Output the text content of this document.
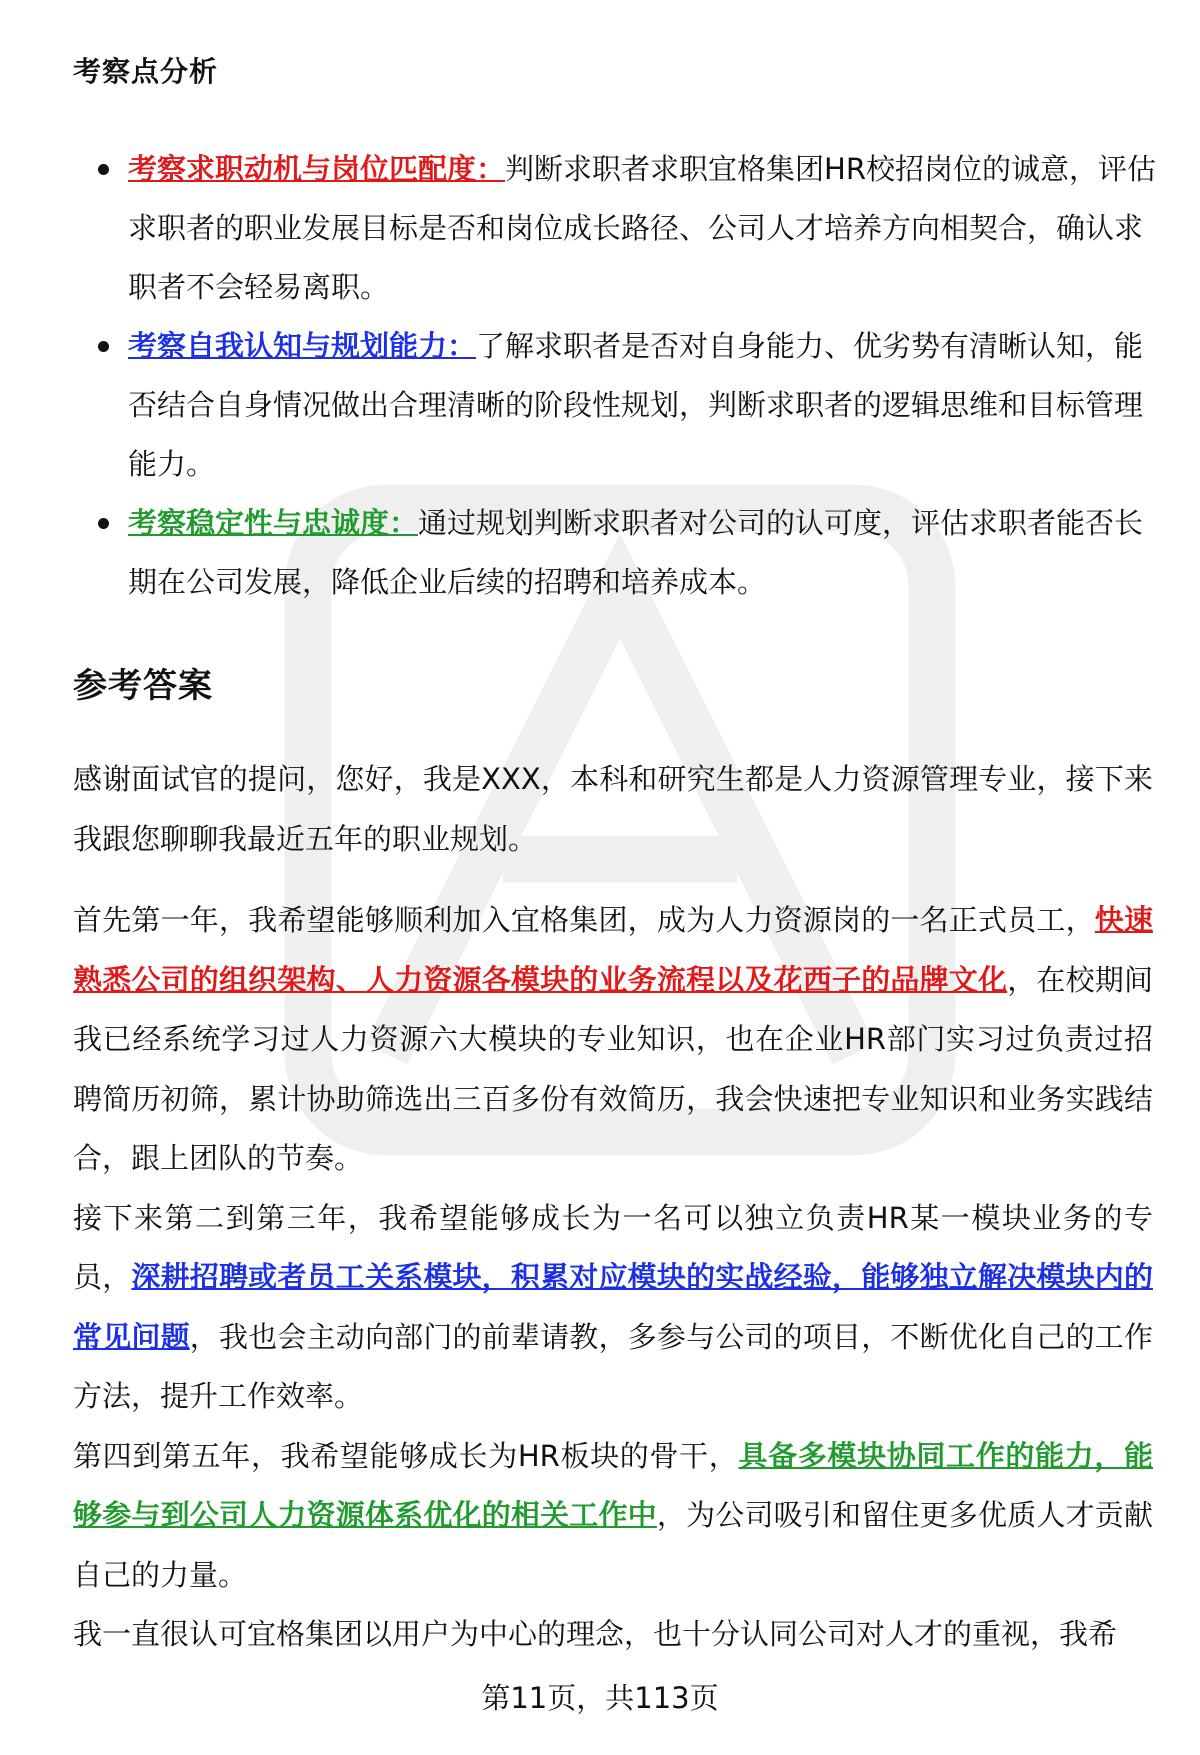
考察点分析
考察求职动机与岗位匹配度：判断求职者求职宜格集团HR校招岗位的诚意，评估求职者的职业发展目标是否和岗位成长路径、公司人才培养方向相契合，确认求职者不会轻易离职。
考察自我认知与规划能力：了解求职者是否对自身能力、优劣势有清晰认知，能否结合自身情况做出合理清晰的阶段性规划，判断求职者的逻辑思维和目标管理能力。
考察稳定性与忠诚度：通过规划判断求职者对公司的认可度，评估求职者能否长期在公司发展，降低企业后续的招聘和培养成本。
参考答案

感谢面试官的提问，您好，我是XXX，本科和研究生都是人力资源管理专业，接下来我跟您聊聊我最近五年的职业规划。

首先第一年，我希望能够顺利加入宜格集团，成为人力资源岗的一名正式员工，快速熟悉公司的组织架构、人力资源各模块的业务流程以及花西子的品牌文化，在校期间我已经系统学习过人力资源六大模块的专业知识，也在企业HR部门实习过负责过招聘简历初筛，累计协助筛选出三百多份有效简历，我会快速把专业知识和业务实践结合，跟上团队的节奏。

接下来第二到第三年，我希望能够成长为一名可以独立负责HR某一模块业务的专员，深耕招聘或者员工关系模块，积累对应模块的实战经验，能够独立解决模块内的常见问题，我也会主动向部门的前辈请教，多参与公司的项目，不断优化自己的工作方法，提升工作效率。

第四到第五年，我希望能够成长为HR板块的骨干，具备多模块协同工作的能力，能够参与到公司人力资源体系优化的相关工作中，为公司吸引和留住更多优质人才贡献自己的力量。

我一直很认可宜格集团以用户为中心的理念，也十分认同公司对人才的重视，我希

第11页，共113页
